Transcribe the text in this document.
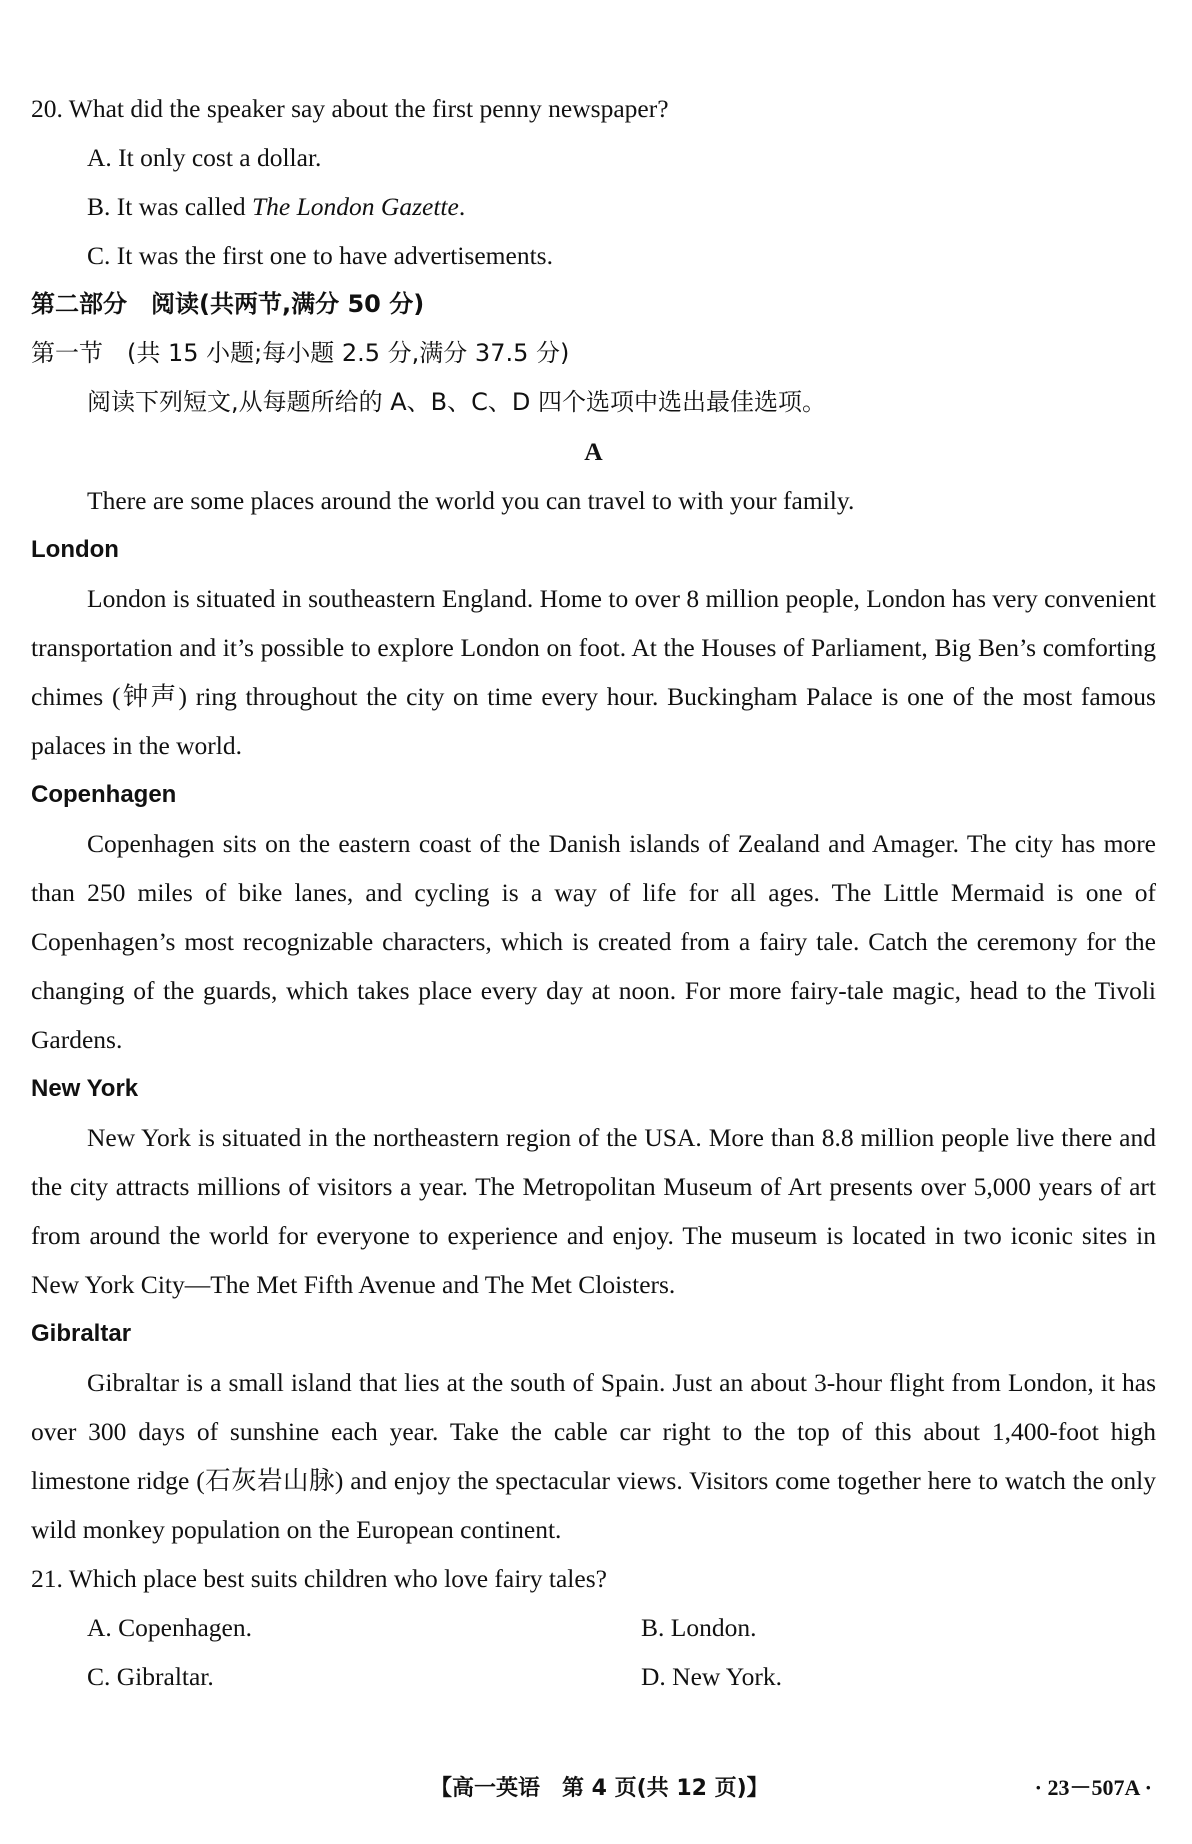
20. What did the speaker say about the first penny newspaper?
A. It only cost a dollar.
B. It was called The London Gazette.
C. It was the first one to have advertisements.
第二部分　阅读(共两节,满分 50 分)
第一节　(共 15 小题;每小题 2.5 分,满分 37.5 分)
阅读下列短文,从每题所给的 A、B、C、D 四个选项中选出最佳选项。
A
There are some places around the world you can travel to with your family.
London

London is situated in southeastern England. Home to over 8 million people, London has very convenient transportation and it’s possible to explore London on foot. At the Houses of Parliament, Big Ben’s comforting chimes (钟声) ring throughout the city on time every hour. Buckingham Palace is one of the most famous palaces in the world.

Copenhagen

Copenhagen sits on the eastern coast of the Danish islands of Zealand and Amager. The city has more than 250 miles of bike lanes, and cycling is a way of life for all ages. The Little Mermaid is one of Copenhagen’s most recognizable characters, which is created from a fairy tale. Catch the ceremony for the changing of the guards, which takes place every day at noon. For more fairy-tale magic, head to the Tivoli Gardens.

New York

New York is situated in the northeastern region of the USA. More than 8.8 million people live there and the city attracts millions of visitors a year. The Metropolitan Museum of Art presents over 5,000 years of art from around the world for everyone to experience and enjoy. The museum is located in two iconic sites in New York City—The Met Fifth Avenue and The Met Cloisters.

Gibraltar

Gibraltar is a small island that lies at the south of Spain. Just an about 3-hour flight from London, it has over 300 days of sunshine each year. Take the cable car right to the top of this about 1,400-foot high limestone ridge (石灰岩山脉) and enjoy the spectacular views. Visitors come together here to watch the only wild monkey population on the European continent.

21. Which place best suits children who love fairy tales?
A. Copenhagen.	B. London.
C. Gibraltar.	D. New York.
【高一英语　第 4 页(共 12 页)】	· 23－507A ·
